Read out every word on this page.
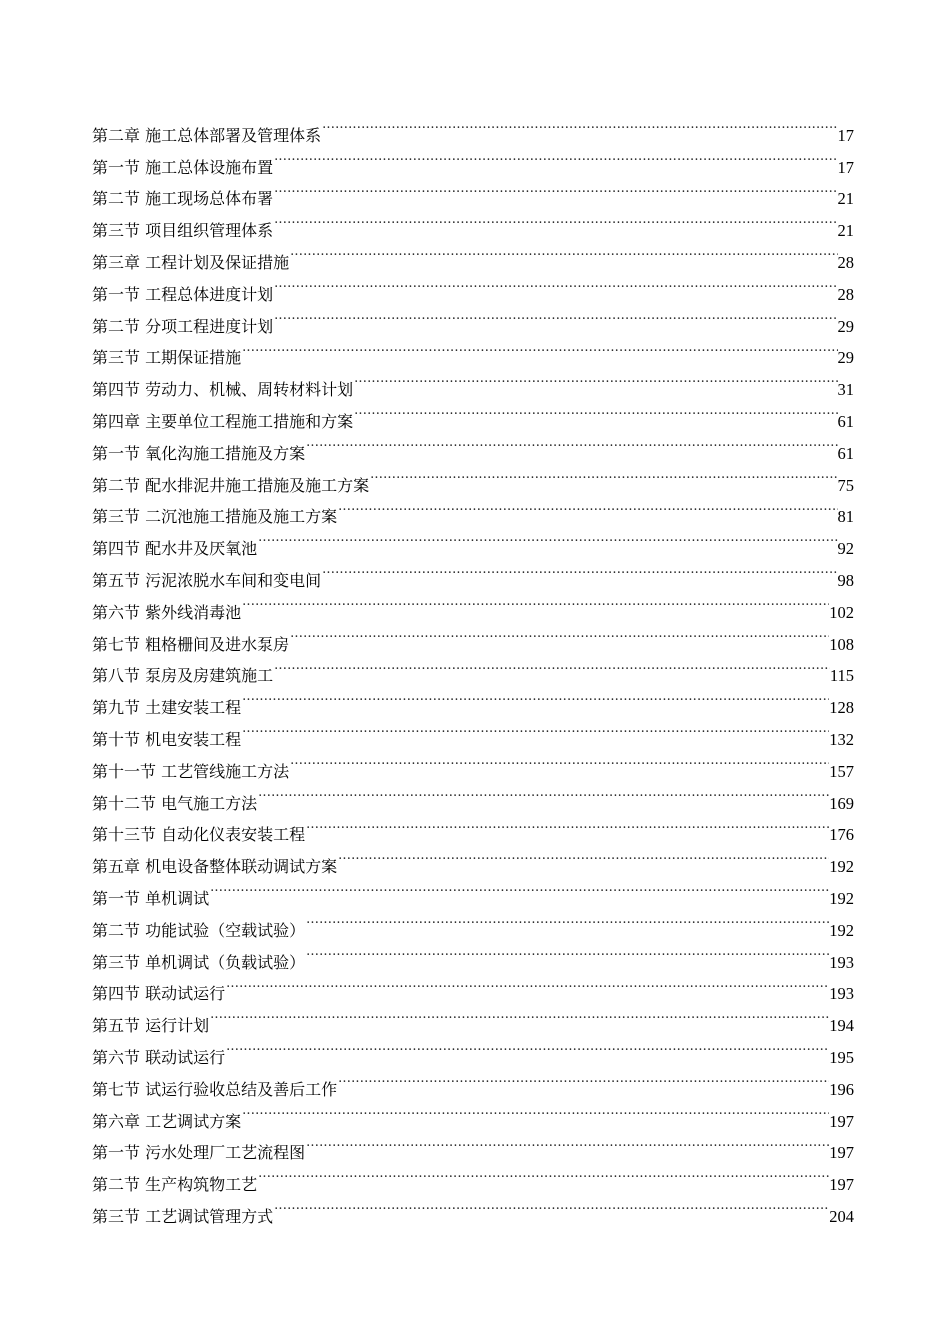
第二章 施工总体部署及管理体系 .....	17
第一节 施工总体设施布置 .....	17
第二节 施工现场总体布署 .....	21
第三节 项目组织管理体系 .....	21
第三章 工程计划及保证措施 .....	28
第一节 工程总体进度计划 .....	28
第二节 分项工程进度计划 .....	29
第三节 工期保证措施 .....	29
第四节 劳动力、机械、周转材料计划 .....	31
第四章 主要单位工程施工措施和方案 .....	61
第一节 氧化沟施工措施及方案 .....	61
第二节 配水排泥井施工措施及施工方案 .....	75
第三节 二沉池施工措施及施工方案 .....	81
第四节 配水井及厌氧池 .....	92
第五节 污泥浓脱水车间和变电间 .....	98
第六节 紫外线消毒池 .....	102
第七节 粗格栅间及进水泵房 .....	108
第八节 泵房及房建筑施工 .....	115
第九节 土建安装工程 .....	128
第十节 机电安装工程 .....	132
第十一节 工艺管线施工方法 .....	157
第十二节 电气施工方法 .....	169
第十三节 自动化仪表安装工程 .....	176
第五章 机电设备整体联动调试方案 .....	192
第一节 单机调试 .....	192
第二节 功能试验（空载试验） .....	192
第三节 单机调试（负载试验） .....	193
第四节 联动试运行 .....	193
第五节 运行计划 .....	194
第六节 联动试运行 .....	195
第七节 试运行验收总结及善后工作 .....	196
第六章 工艺调试方案 .....	197
第一节 污水处理厂工艺流程图 .....	197
第二节 生产构筑物工艺 .....	197
第三节 工艺调试管理方式 .....	204
